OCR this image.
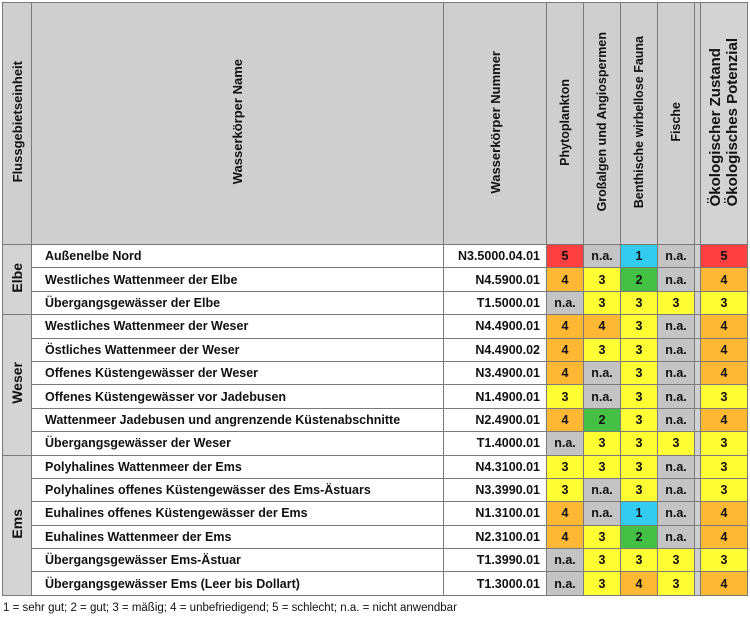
Flussgebietseinheit	Wasserkörper Name	Wasserkörper Nummer	Phytoplankton	Großalgen und Angiospermen	Benthische wirbellose Fauna	Fische		Ökologischer Zustand
Ökologisches Potenzial
Elbe	Außenelbe Nord	N3.5000.04.01	5	n.a.	1	n.a.		5
	Westliches Wattenmeer der Elbe	N4.5900.01	4	3	2	n.a.		4
	Übergangsgewässer der Elbe	T1.5000.01	n.a.	3	3	3		3
Weser	Westliches Wattenmeer der Weser	N4.4900.01	4	4	3	n.a.		4
	Östliches Wattenmeer der Weser	N4.4900.02	4	3	3	n.a.		4
	Offenes Küstengewässer der Weser	N3.4900.01	4	n.a.	3	n.a.		4
	Offenes Küstengewässer vor Jadebusen	N1.4900.01	3	n.a.	3	n.a.		3
	Wattenmeer Jadebusen und angrenzende Küstenabschnitte	N2.4900.01	4	2	3	n.a.		4
	Übergangsgewässer der Weser	T1.4000.01	n.a.	3	3	3		3
Ems	Polyhalines Wattenmeer der Ems	N4.3100.01	3	3	3	n.a.		3
	Polyhalines offenes Küstengewässer des Ems-Ästuars	N3.3990.01	3	n.a.	3	n.a.		3
	Euhalines offenes Küstengewässer der Ems	N1.3100.01	4	n.a.	1	n.a.		4
	Euhalines Wattenmeer der Ems	N2.3100.01	4	3	2	n.a.		4
	Übergangsgewässer Ems-Ästuar	T1.3990.01	n.a.	3	3	3		3
	Übergangsgewässer Ems (Leer bis Dollart)	T1.3000.01	n.a.	3	4	3		4
1 = sehr gut; 2 = gut; 3 = mäßig; 4 = unbefriedigend; 5 = schlecht; n.a. = nicht anwendbar
